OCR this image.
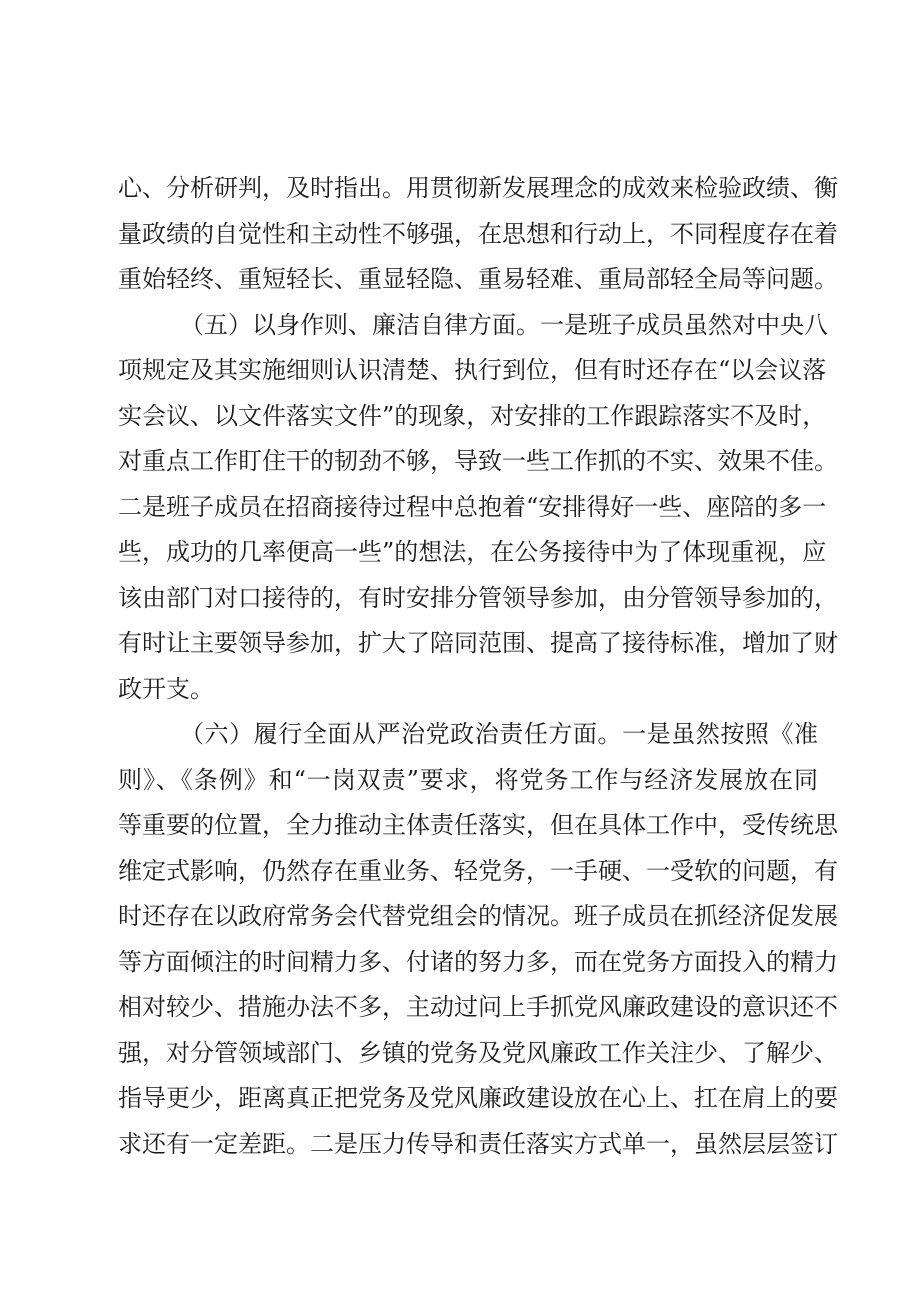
心、分析研判，及时指出。用贯彻新发展理念的成效来检验政绩、衡
量政绩的自觉性和主动性不够强，在思想和行动上，不同程度存在着
重始轻终、重短轻长、重显轻隐、重易轻难、重局部轻全局等问题。
（五）以身作则、廉洁自律方面。一是班子成员虽然对中央八
项规定及其实施细则认识清楚、执行到位，但有时还存在“以会议落
实会议、以文件落实文件”的现象，对安排的工作跟踪落实不及时，
对重点工作盯住干的韧劲不够，导致一些工作抓的不实、效果不佳。
二是班子成员在招商接待过程中总抱着“安排得好一些、座陪的多一
些，成功的几率便高一些”的想法，在公务接待中为了体现重视，应
该由部门对口接待的，有时安排分管领导参加，由分管领导参加的，
有时让主要领导参加，扩大了陪同范围、提高了接待标准，增加了财
政开支。
（六）履行全面从严治党政治责任方面。一是虽然按照《准
则》、《条例》和“一岗双责”要求，将党务工作与经济发展放在同
等重要的位置，全力推动主体责任落实，但在具体工作中，受传统思
维定式影响，仍然存在重业务、轻党务，一手硬、一受软的问题，有
时还存在以政府常务会代替党组会的情况。班子成员在抓经济促发展
等方面倾注的时间精力多、付诸的努力多，而在党务方面投入的精力
相对较少、措施办法不多，主动过问上手抓党风廉政建设的意识还不
强，对分管领域部门、乡镇的党务及党风廉政工作关注少、了解少、
指导更少，距离真正把党务及党风廉政建设放在心上、扛在肩上的要
求还有一定差距。二是压力传导和责任落实方式单一，虽然层层签订
